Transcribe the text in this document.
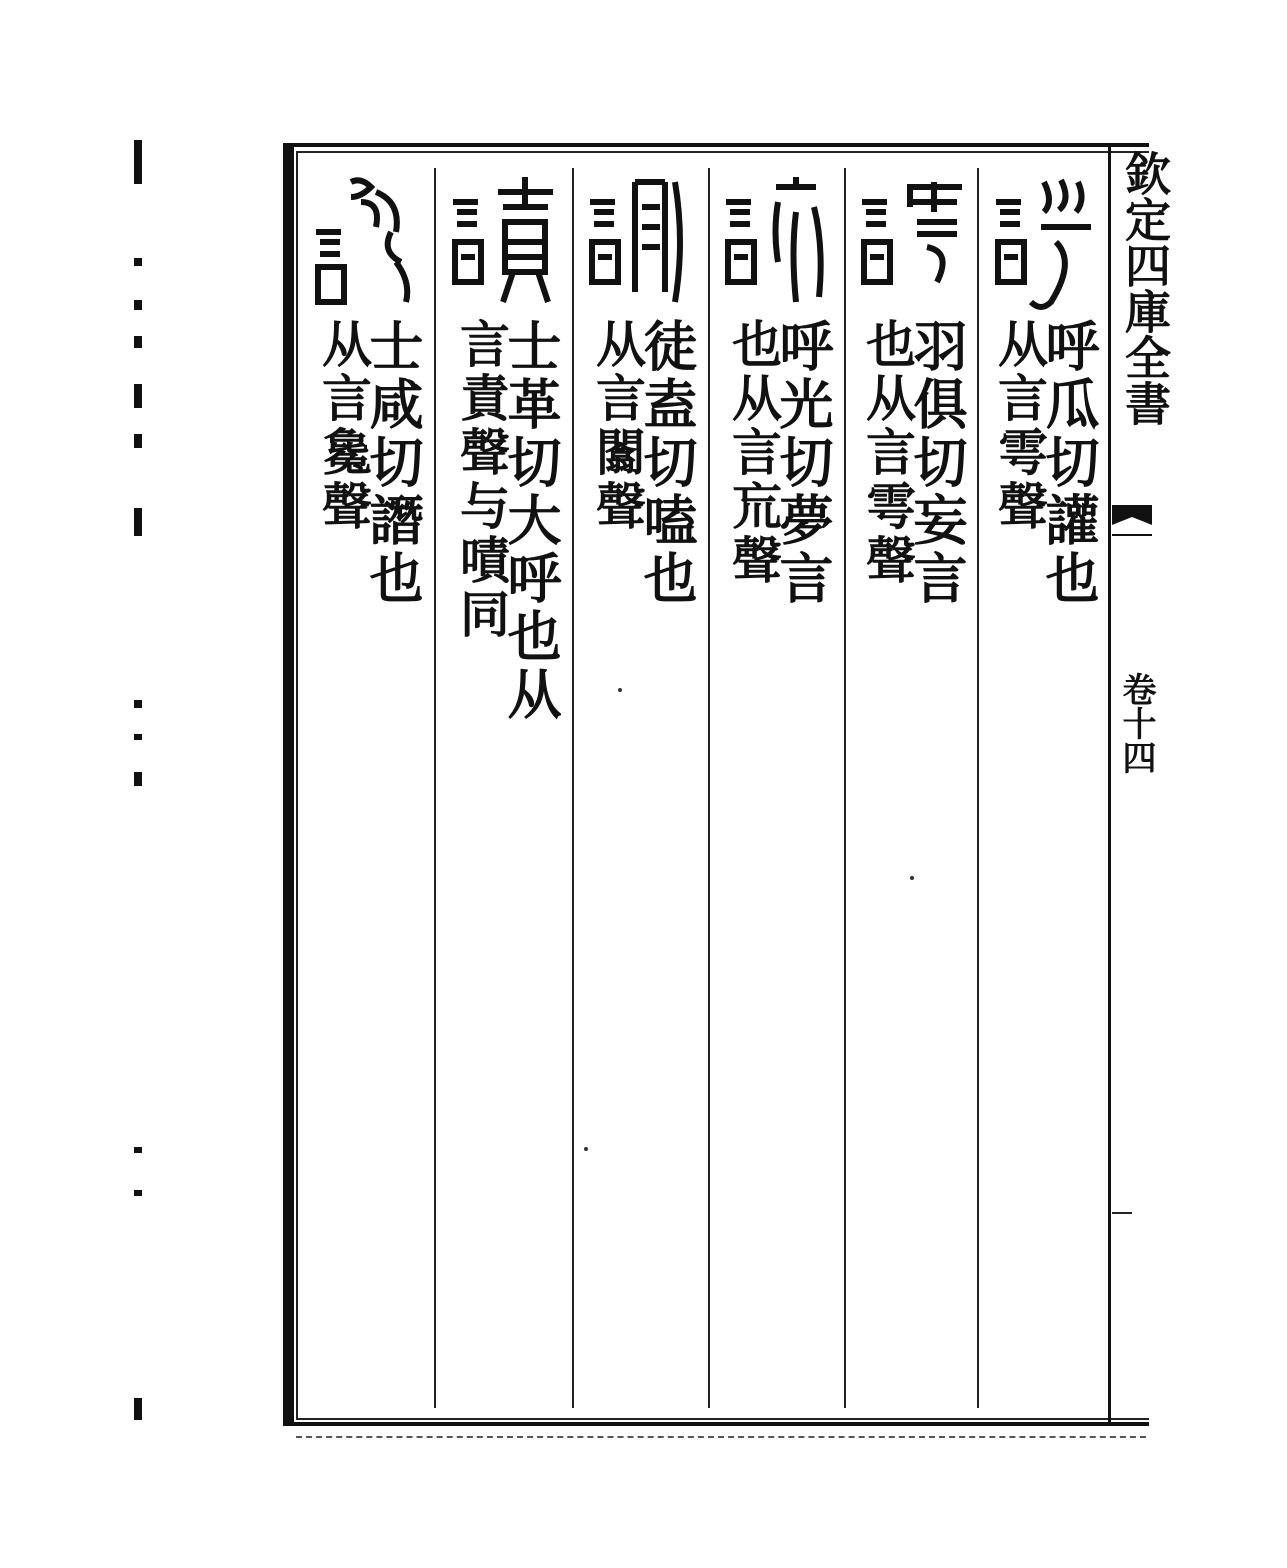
呼瓜切讙也
从言雩聲
羽俱切妄言
也从言雩聲
呼光切夢言
也从言巟聲
徒盍切嗑也
从言闟聲
士革切大呼也从
言責聲与嘖同
士咸切譖也
从言毚聲	欽定四庫全書
卷十四
